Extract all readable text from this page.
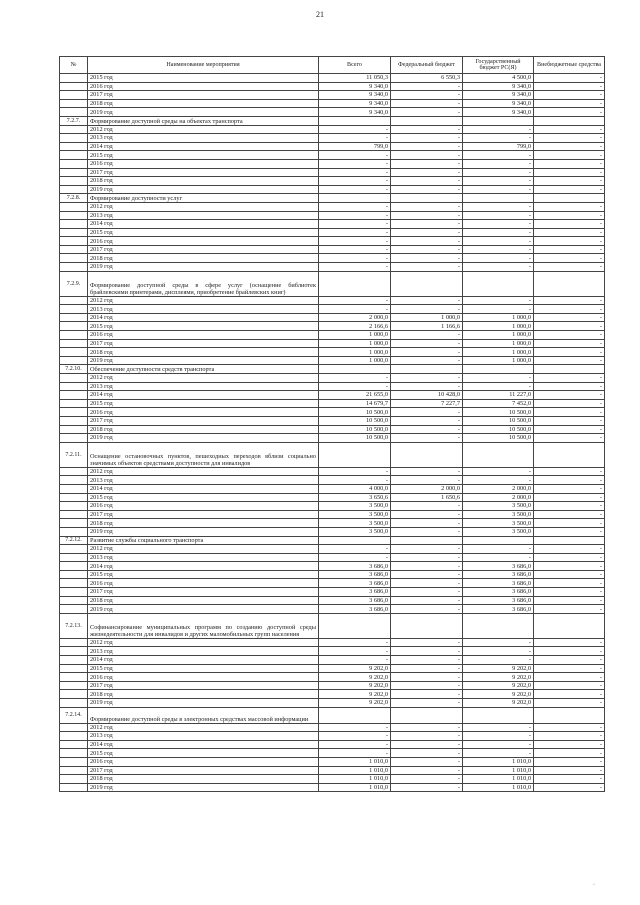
21
№	Наименование мероприятия	Всего	Федеральный бюджет	Государственный бюджет РС(Я)	Внебюджетные средства
	2015 год	11 050,3	6 550,3	4 500,0	-
	2016 год	9 340,0	-	9 340,0	-
	2017 год	9 340,0	-	9 340,0	-
	2018 год	9 340,0	-	9 340,0	-
	2019 год	9 340,0	-	9 340,0	-
7.2.7.	Формирование доступной среды на объектах транспорта				
	2012 год	-	-	-	-
	2013 год	-	-	-	-
	2014 год	799,0	-	799,0	-
	2015 год	-	-	-	-
	2016 год	-	-	-	-
	2017 год	-	-	-	-
	2018 год	-	-	-	-
	2019 год	-	-	-	-
7.2.8.	Формирование доступности услуг				
	2012 год	-	-	-	-
	2013 год	-	-	-	-
	2014 год	-	-	-	-
	2015 год	-	-	-	-
	2016 год	-	-	-	-
	2017 год	-	-	-	-
	2018 год	-	-	-	-
	2019 год	-	-	-	-
7.2.9.	Формирование доступной среды в сфере услуг (оснащение библиотек брайлевскими принтерами, дисплеями, приобретение брайлевских книг)				
	2012 год	-	-	-	-
	2013 год	-	-	-	-
	2014 год	2 000,0	1 000,0	1 000,0	-
	2015 год	2 166,6	1 166,6	1 000,0	-
	2016 год	1 000,0	-	1 000,0	-
	2017 год	1 000,0	-	1 000,0	-
	2018 год	1 000,0	-	1 000,0	-
	2019 год	1 000,0	-	1 000,0	-
7.2.10.	Обеспечение доступности средств транспорта				
	2012 год	-	-	-	-
	2013 год	-	-	-	-
	2014 год	21 655,0	10 428,0	11 227,0	-
	2015 год	14 679,7	7 227,7	7 452,0	-
	2016 год	10 500,0	-	10 500,0	-
	2017 год	10 500,0	-	10 500,0	-
	2018 год	10 500,0	-	10 500,0	-
	2019 год	10 500,0	-	10 500,0	-
7.2.11.	Оснащение остановочных пунктов, пешеходных переходов вблизи социально значимых объектов средствами доступности для инвалидов				
	2012 год	-	-	-	-
	2013 год	-	-	-	-
	2014 год	4 000,0	2 000,0	2 000,0	-
	2015 год	3 650,6	1 650,6	2 000,0	-
	2016 год	3 500,0	-	3 500,0	-
	2017 год	3 500,0	-	3 500,0	-
	2018 год	3 500,0	-	3 500,0	-
	2019 год	3 500,0	-	3 500,0	-
7.2.12.	Развитие службы социального транспорта				
	2012 год	-	-	-	-
	2013 год	-	-	-	-
	2014 год	3 686,0	-	3 686,0	-
	2015 год	3 686,0	-	3 686,0	-
	2016 год	3 686,0	-	3 686,0	-
	2017 год	3 686,0	-	3 686,0	-
	2018 год	3 686,0	-	3 686,0	-
	2019 год	3 686,0	-	3 686,0	-
7.2.13.	Софинансирование муниципальных программ по созданию доступной среды жизнедеятельности для инвалидов и других маломобильных групп населения				
	2012 год	-	-	-	-
	2013 год	-	-	-	-
	2014 год	-	-	-	-
	2015 год	9 202,0	-	9 202,0	-
	2016 год	9 202,0	-	9 202,0	-
	2017 год	9 202,0	-	9 202,0	-
	2018 год	9 202,0	-	9 202,0	-
	2019 год	9 202,0	-	9 202,0	-
7.2.14.	Формирование доступной среды в электронных средствах массовой информации				
	2012 год	-	-	-	-
	2013 год	-	-	-	-
	2014 год	-	-	-	-
	2015 год	-	-	-	-
	2016 год	1 010,0	-	1 010,0	-
	2017 год	1 010,0	-	1 010,0	-
	2018 год	1 010,0	-	1 010,0	-
	2019 год	1 010,0	-	1 010,0	-
·
